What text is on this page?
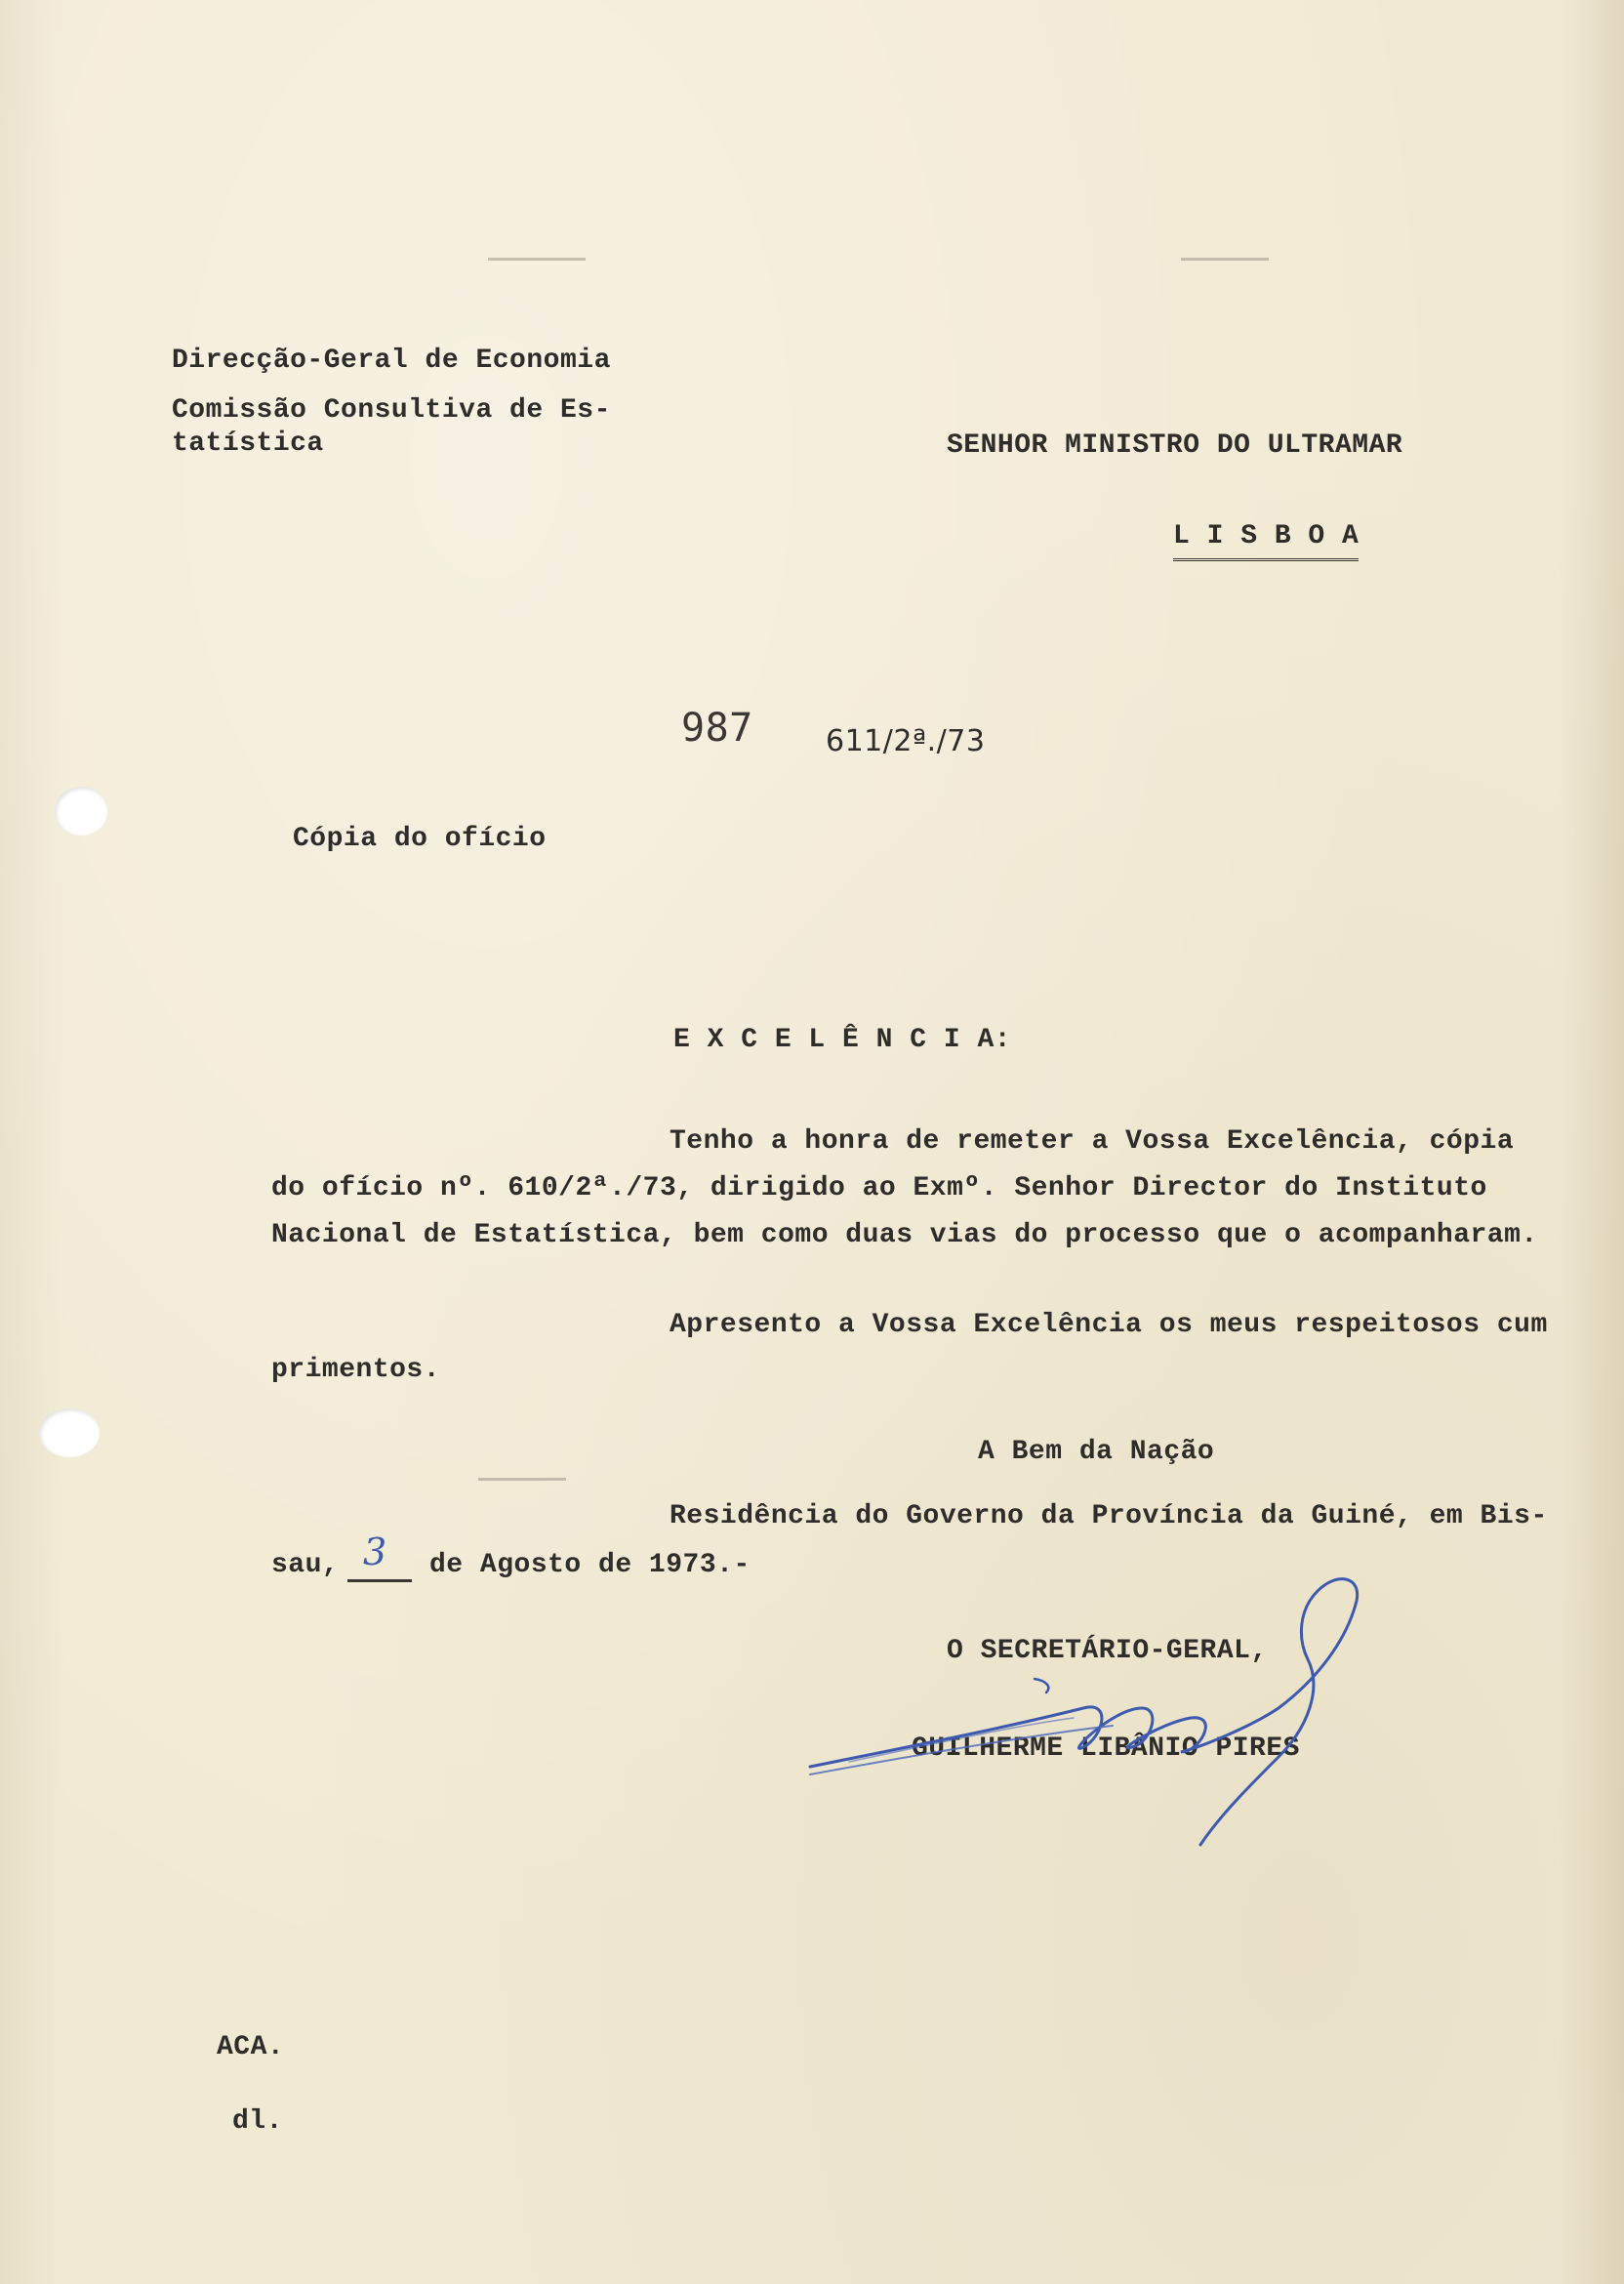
Direcção-Geral de Economia
Comissão Consultiva de Es-
tatística	SENHOR MINISTRO DO ULTRAMAR
L I S B O A
987 611/2ª./73
Cópia do ofício
E X C E L Ê N C I A:
Tenho a honra de remeter a Vossa Excelência, cópia
do ofício nº. 610/2ª./73, dirigido ao Exmº. Senhor Director do Instituto
Nacional de Estatística, bem como duas vias do processo que o acompanharam.
Apresento a Vossa Excelência os meus respeitosos cum
primentos.
A Bem da Nação
Residência do Governo da Província da Guiné, em Bis-
sau, 3 de Agosto de 1973.-
O SECRETÁRIO-GERAL,
GUILHERME LIBÂNIO PIRES
ACA.
dl.
